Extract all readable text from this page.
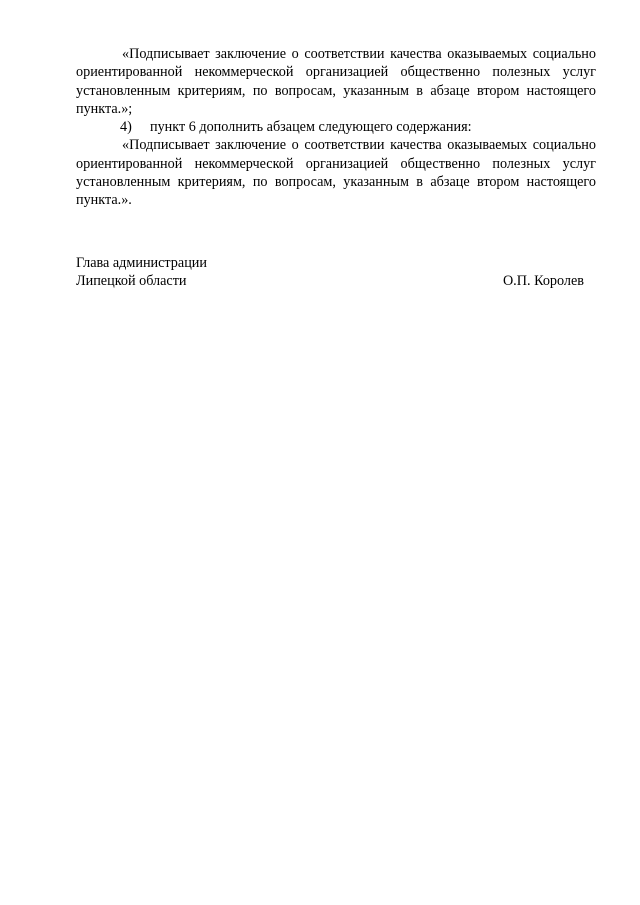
«Подписывает заключение о соответствии качества оказываемых социально ориентированной некоммерческой организацией общественно полезных услуг установленным критериям, по вопросам, указанным в абзаце втором настоящего пункта.»;

4) пункт 6 дополнить абзацем следующего содержания:

«Подписывает заключение о соответствии качества оказываемых социально ориентированной некоммерческой организацией общественно полезных услуг установленным критериям, по вопросам, указанным в абзаце втором настоящего пункта.».

Глава администрации
Липецкой области	О.П. Королев
